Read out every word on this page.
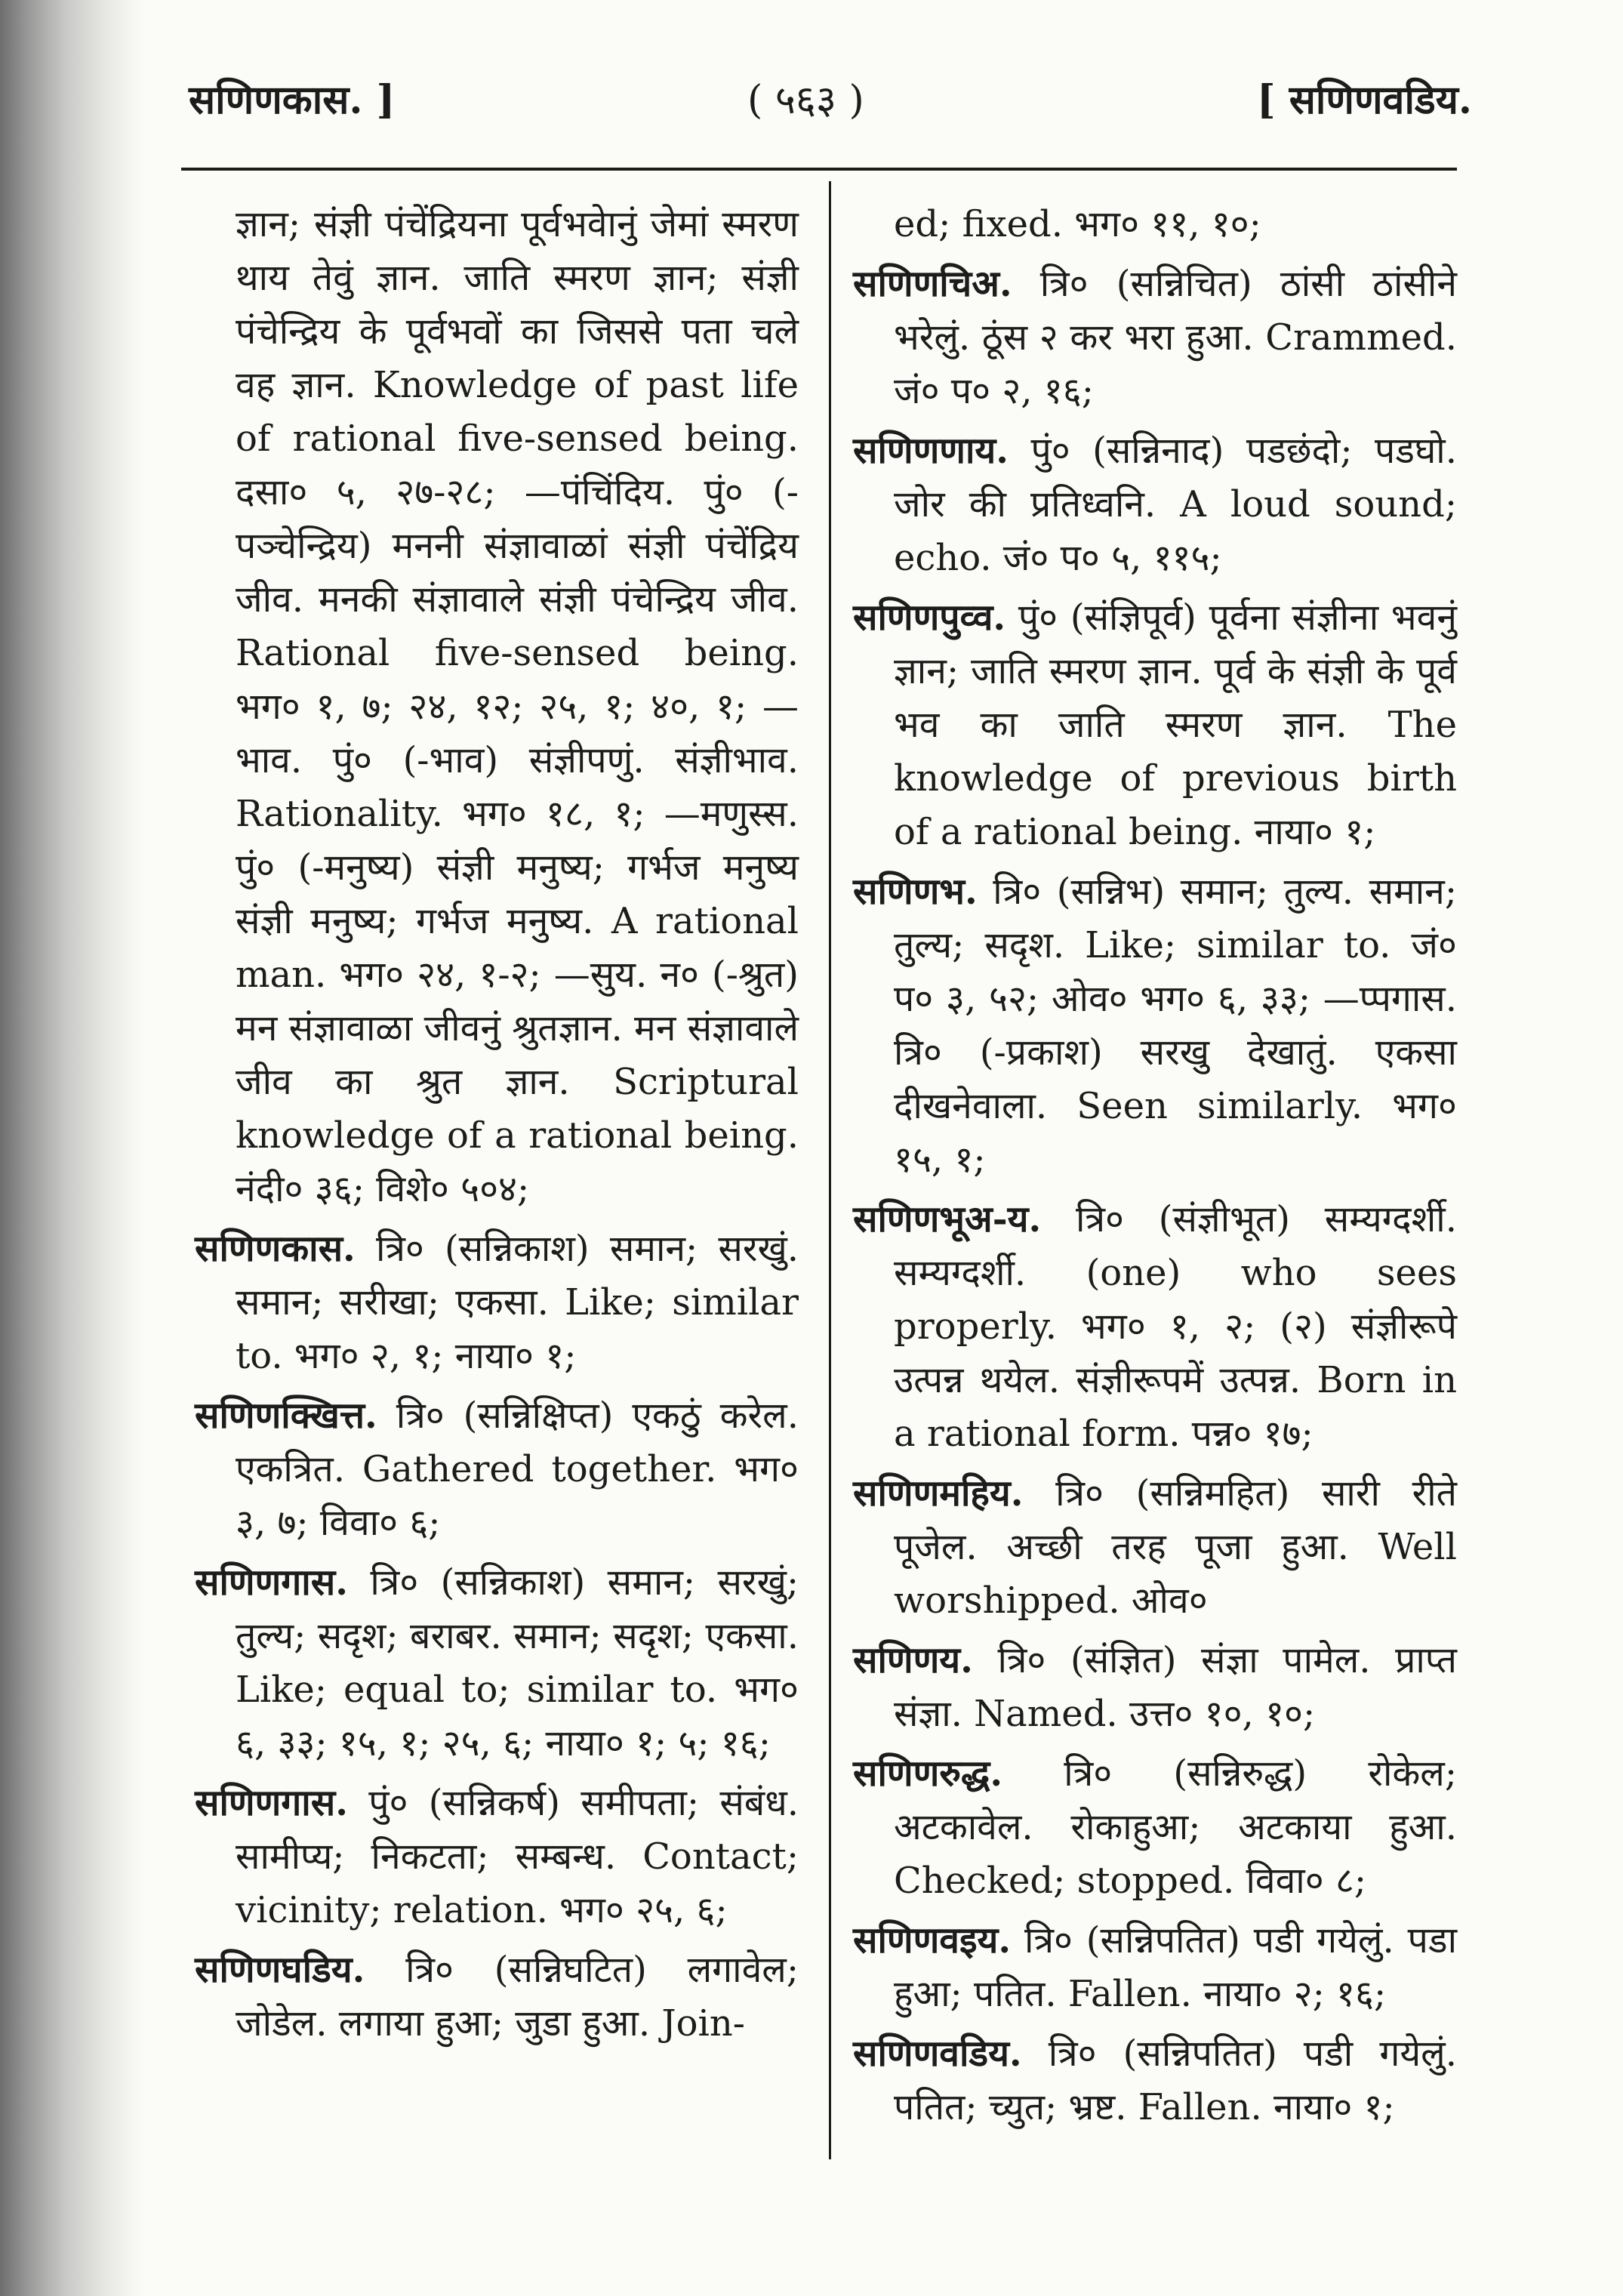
सणिणकास. ]	( ५६३ )	[ सणिणवडिय.

ज्ञान; संज्ञी पंचेंद्रियना पूर्वभवेानुं जेमां स्मरण थाय तेवुं ज्ञान. जाति स्मरण ज्ञान; संज्ञी पंचेन्द्रिय के पूर्वभवों का जिससे पता चले वह ज्ञान. Knowledge of past life of rational five-sensed being. दसा० ५, २७-२८; —पंचिंदिय. पुं० (-पञ्चेन्द्रिय) मननी संज्ञावाळां संज्ञी पंचेंद्रिय जीव. मनकी संज्ञावाले संज्ञी पंचेन्द्रिय जीव. Rational five-sensed being. भग० १, ७; २४, १२; २५, १; ४०, १; —भाव. पुं० (-भाव) संज्ञीपणुं. संज्ञीभाव. Rationality. भग० १८, १; —मणुस्स. पुं० (-मनुष्य) संज्ञी मनुष्य; गर्भज मनुष्य संज्ञी मनुष्य; गर्भज मनुष्य. A rational man. भग० २४, १-२; —सुय. न० (-श्रुत) मन संज्ञावाळा जीवनुं श्रुतज्ञान. मन संज्ञावाले जीव का श्रुत ज्ञान. Scriptural knowledge of a rational being. नंदी० ३६; विशे० ५०४;

सणिणकास. त्रि० (सन्निकाश) समान; सरखुं. समान; सरीखा; एकसा. Like; similar to. भग० २, १; नाया० १;

सणिणक्खित्त. त्रि० (सन्निक्षिप्त) एकठुं करेल. एकत्रित. Gathered together. भग० ३, ७; विवा० ६;

सणिणगास. त्रि० (सन्निकाश) समान; सरखुं; तुल्य; सदृश; बराबर. समान; सदृश; एकसा. Like; equal to; similar to. भग० ६, ३३; १५, १; २५, ६; नाया० १; ५; १६;

सणिणगास. पुं० (सन्निकर्ष) समीपता; संबंध. सामीप्य; निकटता; सम्बन्ध. Contact; vicinity; relation. भग० २५, ६;

सणिणघडिय. त्रि० (सन्निघटित) लगावेल; जोडेल. लगाया हुआ; जुडा हुआ. Join-

ed; fixed. भग० ११, १०;

सणिणचिअ. त्रि० (सन्निचित) ठांसी ठांसीने भरेलुं. ठूंस २ कर भरा हुआ. Crammed. जं० प० २, १६;

सणिणणाय. पुं० (सन्निनाद) पडछंदो; पडघो. जोर की प्रतिध्वनि. A loud sound; echo. जं० प० ५, ११५;

सणिणपुव्व. पुं० (संज्ञिपूर्व) पूर्वना संज्ञीना भवनुं ज्ञान; जाति स्मरण ज्ञान. पूर्व के संज्ञी के पूर्व भव का जाति स्मरण ज्ञान. The knowledge of previous birth of a rational being. नाया० १;

सणिणभ. त्रि० (सन्निभ) समान; तुल्य. समान; तुल्य; सदृश. Like; similar to. जं० प० ३, ५२; ओव० भग० ६, ३३; —प्पगास. त्रि० (-प्रकाश) सरखु देखातुं. एकसा दीखनेवाला. Seen similarly. भग० १५, १;

सणिणभूअ-य. त्रि० (संज्ञीभूत) सम्यग्दर्शी. सम्यग्दर्शी. (one) who sees properly. भग० १, २; (२) संज्ञीरूपे उत्पन्न थयेल. संज्ञीरूपमें उत्पन्न. Born in a rational form. पन्न० १७;

सणिणमहिय. त्रि० (सन्निमहित) सारी रीते पूजेल. अच्छी तरह पूजा हुआ. Well worshipped. ओव०

सणिणय. त्रि० (संज्ञित) संज्ञा पामेल. प्राप्त संज्ञा. Named. उत्त० १०, १०;

सणिणरुद्ध. त्रि० (सन्निरुद्ध) रोकेल; अटकावेल. रोकाहुआ; अटकाया हुआ. Checked; stopped. विवा० ८;

सणिणवइय. त्रि० (सन्निपतित) पडी गयेलुं. पडा हुआ; पतित. Fallen. नाया० २; १६;

सणिणवडिय. त्रि० (सन्निपतित) पडी गयेलुं. पतित; च्युत; भ्रष्ट. Fallen. नाया० १;
